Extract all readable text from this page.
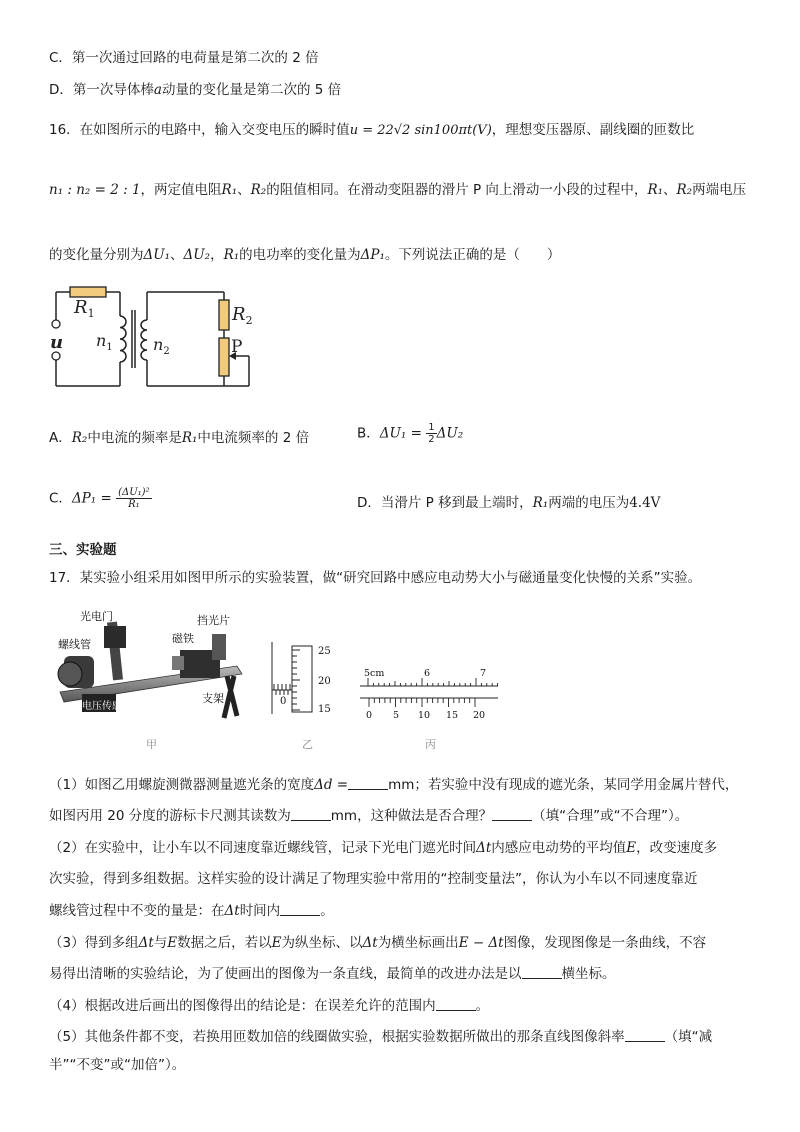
C．第一次通过回路的电荷量是第二次的 2 倍
D．第一次导体棒a动量的变化量是第二次的 5 倍
16．在如图所示的电路中，输入交变电压的瞬时值u = 22√2 sin100πt(V)，理想变压器原、副线圈的匝数比
n₁ : n₂ = 2 : 1，两定值电阻R₁、R₂的阻值相同。在滑动变阻器的滑片 P 向上滑动一小段的过程中，R₁、R₂两端电压
的变化量分别为ΔU₁、ΔU₂，R₁的电功率的变化量为ΔP₁。下列说法正确的是（　　）
$R_1$	$R_2$
P
u $n_1$	$n_2$
A．R₂中电流的频率是R₁中电流频率的 2 倍	B．$\Delta U_1 = \frac{1}{2} \Delta U_2$
C．$\Delta P_1 = \frac{\text{(ΔU₁)²}}{\text{R₁}}$	D．当滑片 P 移到最上端时，R₁两端的电压为4.4V
三、实验题
17．某实验小组采用如图甲所示的实验装置，做“研究回路中感应电动势大小与磁通量变化快慢的关系”实验。
光电门	挡光片
螺线管	磁铁
电压传感器
支架
25
20
15
0
5cm	6	7
0 5 10 15 20
甲	乙	丙
（1）如图乙用螺旋测微器测量遮光条的宽度Δd =	mm；若实验中没有现成的遮光条，某同学用金属片替代，
如图丙用 20 分度的游标卡尺测其读数为	mm，这种做法是否合理？	（填“合理”或“不合理”）。
（2）在实验中，让小车以不同速度靠近螺线管，记录下光电门遮光时间Δt内感应电动势的平均值E，改变速度多
次实验，得到多组数据。这样实验的设计满足了物理实验中常用的“控制变量法”，你认为小车以不同速度靠近
螺线管过程中不变的量是：在Δt时间内	。
（3）得到多组Δt与E数据之后，若以E为纵坐标、以Δt为横坐标画出E − Δt图像，发现图像是一条曲线，不容
易得出清晰的实验结论，为了使画出的图像为一条直线，最简单的改进办法是以	横坐标。
（4）根据改进后画出的图像得出的结论是：在误差允许的范围内	。
（5）其他条件都不变，若换用匝数加倍的线圈做实验，根据实验数据所做出的那条直线图像斜率	（填“减
半”“不变”或“加倍”）。
